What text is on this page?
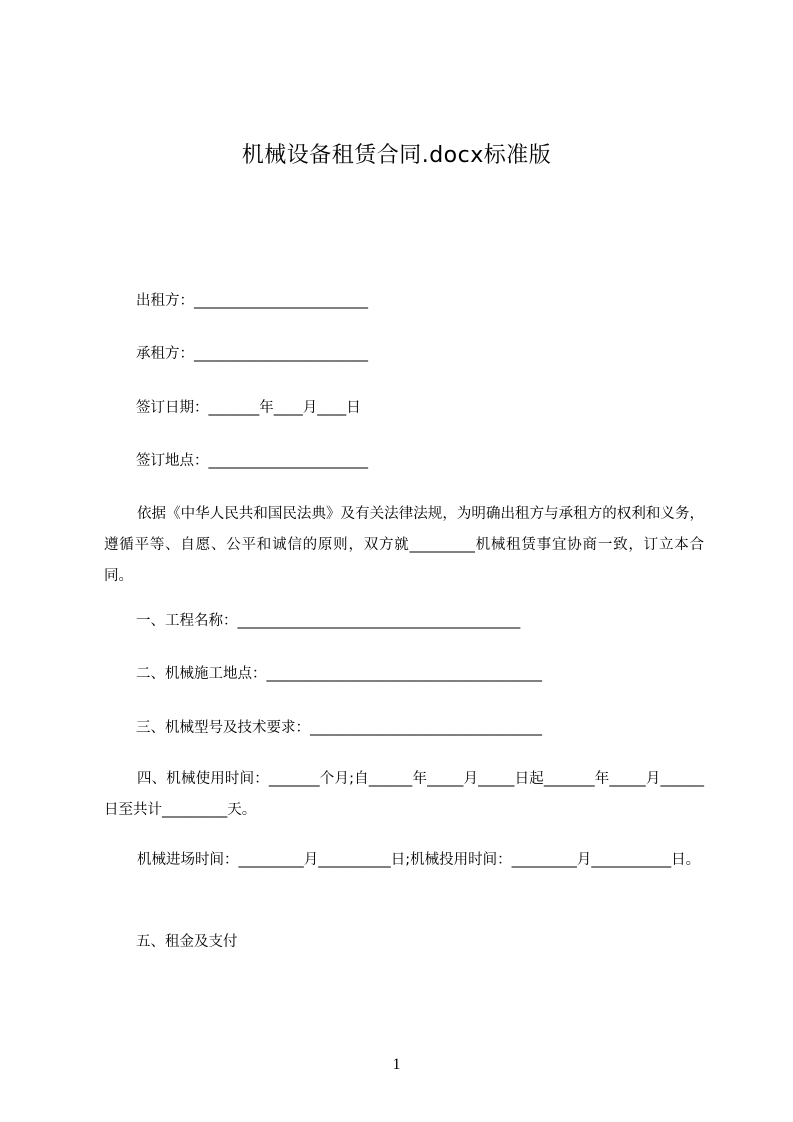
机械设备租赁合同.docx标准版
出租方：________________________
承租方：________________________
签订日期：_______年____月____日
签订地点：______________________
依据《中华人民共和国民法典》及有关法律法规，为明确出租方与承租方的权利和义务，遵循平等、自愿、公平和诚信的原则，双方就_________机械租赁事宜协商一致，订立本合同。
一、工程名称：_______________________________________
二、机械施工地点：______________________________________
三、机械型号及技术要求：________________________________
四、机械使用时间：_______个月;自______年_____月_____日起_______年_____月______日至共计_________天。
机械进场时间：_________月__________日;机械投用时间：_________月___________日。
五、租金及支付
1
